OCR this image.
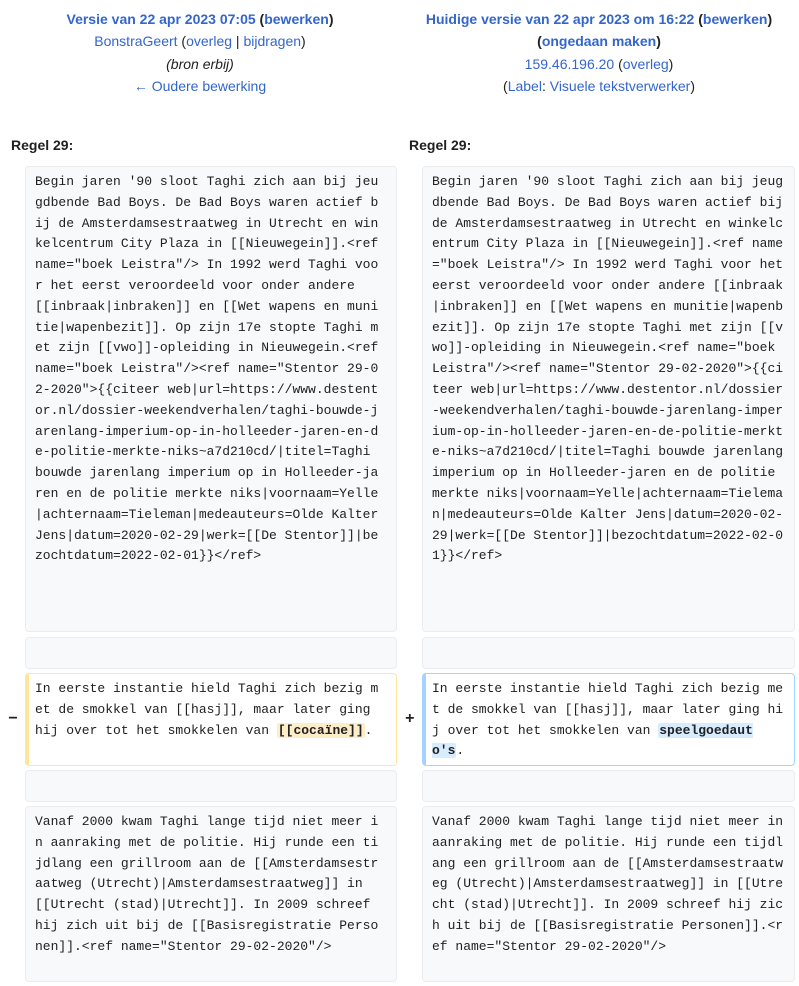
Versie van 22 apr 2023 07:05 (bewerken)
BonstraGeert (overleg | bijdragen)
(bron erbij)
← Oudere bewerking
Huidige versie van 22 apr 2023 om 16:22 (bewerken)
(ongedaan maken)
159.46.196.20 (overleg)
(Label: Visuele tekstverwerker)
Regel 29:	Regel 29:
Begin jaren '90 sloot Taghi zich aan bij jeugdbende Bad Boys. De Bad Boys waren actief bij de Amsterdamsestraatweg in Utrecht en winkelcentrum City Plaza in [[Nieuwegein]].<ref name="boek Leistra"/> In 1992 werd Taghi voor het eerst veroordeeld voor onder andere [[inbraak|inbraken]] en [[Wet wapens en munitie|wapenbezit]]. Op zijn 17e stopte Taghi met zijn [[vwo]]-opleiding in Nieuwegein.<ref name="boek Leistra"/><ref name="Stentor 29-02-2020">{{citeer web|url=https://www.destentor.nl/dossier-weekendverhalen/taghi-bouwde-jarenlang-imperium-op-in-holleeder-jaren-en-de-politie-merkte-niks~a7d210cd/|titel=Taghi bouwde jarenlang imperium op in Holleeder-jaren en de politie merkte niks|voornaam=Yelle|achternaam=Tieleman|medeauteurs=Olde Kalter Jens|datum=2020-02-29|werk=[[De Stentor]]|bezochtdatum=2022-02-01}}</ref>
Begin jaren '90 sloot Taghi zich aan bij jeugdbende Bad Boys. De Bad Boys waren actief bij de Amsterdamsestraatweg in Utrecht en winkelcentrum City Plaza in [[Nieuwegein]].<ref name="boek Leistra"/> In 1992 werd Taghi voor het eerst veroordeeld voor onder andere [[inbraak|inbraken]] en [[Wet wapens en munitie|wapenbezit]]. Op zijn 17e stopte Taghi met zijn [[vwo]]-opleiding in Nieuwegein.<ref name="boek Leistra"/><ref name="Stentor 29-02-2020">{{citeer web|url=https://www.destentor.nl/dossier-weekendverhalen/taghi-bouwde-jarenlang-imperium-op-in-holleeder-jaren-en-de-politie-merkte-niks~a7d210cd/|titel=Taghi bouwde jarenlang imperium op in Holleeder-jaren en de politie merkte niks|voornaam=Yelle|achternaam=Tieleman|medeauteurs=Olde Kalter Jens|datum=2020-02-29|werk=[[De Stentor]]|bezochtdatum=2022-02-01}}</ref>
−
In eerste instantie hield Taghi zich bezig met de smokkel van [[hasj]], maar later ging hij over tot het smokkelen van [[cocaïne]].
+
In eerste instantie hield Taghi zich bezig met de smokkel van [[hasj]], maar later ging hij over tot het smokkelen van speelgoedauto's.
Vanaf 2000 kwam Taghi lange tijd niet meer in aanraking met de politie. Hij runde een tijdlang een grillroom aan de [[Amsterdamsestraatweg (Utrecht)|Amsterdamsestraatweg]] in [[Utrecht (stad)|Utrecht]]. In 2009 schreef hij zich uit bij de [[Basisregistratie Personen]].<ref name="Stentor 29-02-2020"/>
Vanaf 2000 kwam Taghi lange tijd niet meer in aanraking met de politie. Hij runde een tijdlang een grillroom aan de [[Amsterdamsestraatweg (Utrecht)|Amsterdamsestraatweg]] in [[Utrecht (stad)|Utrecht]]. In 2009 schreef hij zich uit bij de [[Basisregistratie Personen]].<ref name="Stentor 29-02-2020"/>
